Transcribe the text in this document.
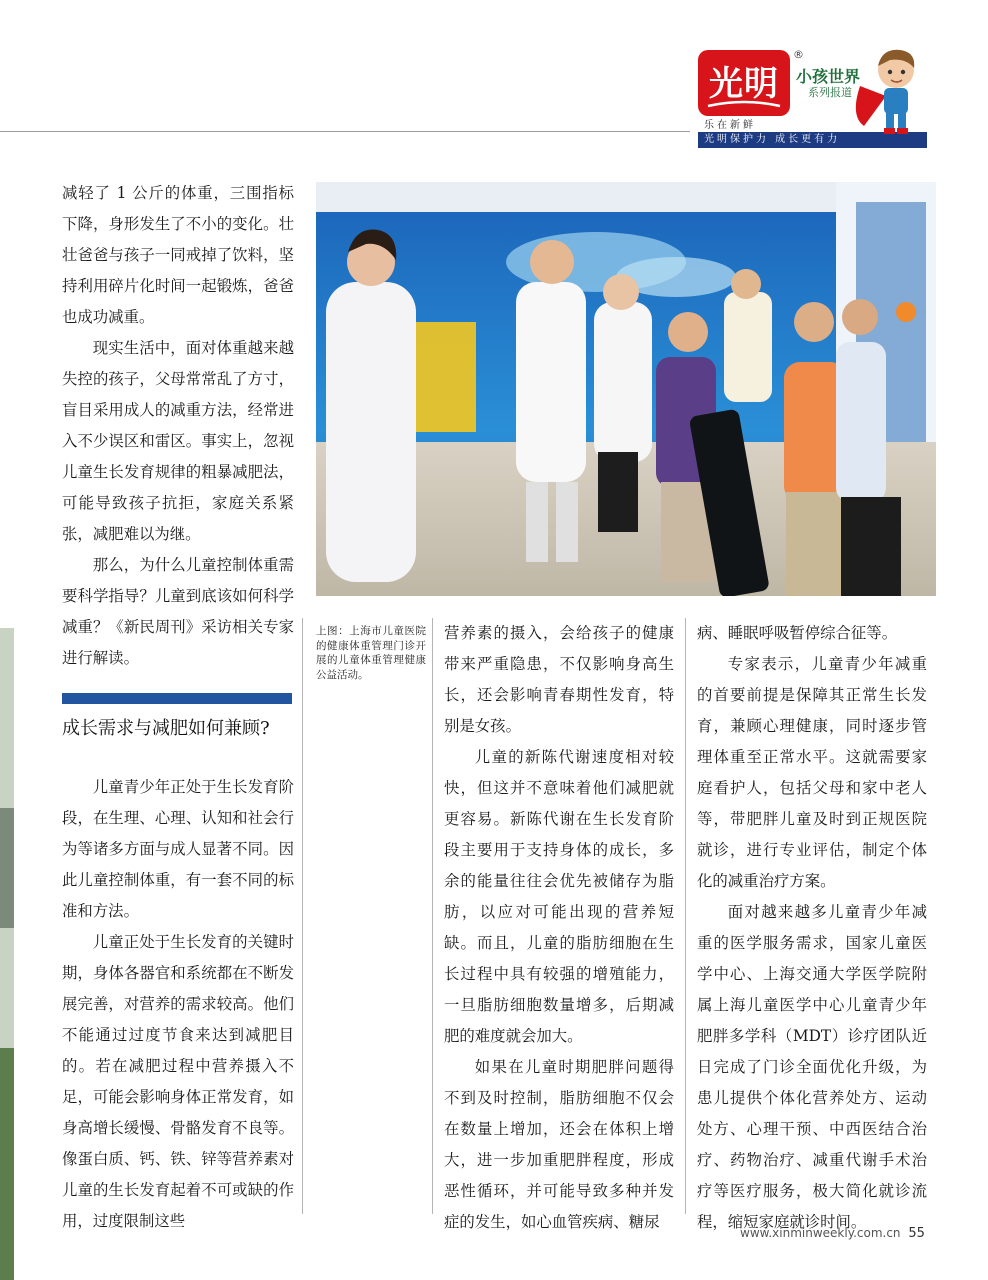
光明
®
小孩世界
系列报道
乐在新鲜
光明保护力 成长更有力

减轻了 1 公斤的体重，三围指标下降，身形发生了不小的变化。壮壮爸爸与孩子一同戒掉了饮料，坚持利用碎片化时间一起锻炼，爸爸也成功减重。

现实生活中，面对体重越来越失控的孩子，父母常常乱了方寸，盲目采用成人的减重方法，经常进入不少误区和雷区。事实上，忽视儿童生长发育规律的粗暴减肥法，可能导致孩子抗拒，家庭关系紧张，减肥难以为继。

那么，为什么儿童控制体重需要科学指导？儿童到底该如何科学减重？《新民周刊》采访相关专家进行解读。

成长需求与减肥如何兼顾?

儿童青少年正处于生长发育阶段，在生理、心理、认知和社会行为等诸多方面与成人显著不同。因此儿童控制体重，有一套不同的标准和方法。

儿童正处于生长发育的关键时期，身体各器官和系统都在不断发展完善，对营养的需求较高。他们不能通过过度节食来达到减肥目的。若在减肥过程中营养摄入不足，可能会影响身体正常发育，如身高增长缓慢、骨骼发育不良等。像蛋白质、钙、铁、锌等营养素对儿童的生长发育起着不可或缺的作用，过度限制这些

上图：上海市儿童医院的健康体重管理门诊开展的儿童体重管理健康公益活动。

营养素的摄入，会给孩子的健康带来严重隐患，不仅影响身高生长，还会影响青春期性发育，特别是女孩。

儿童的新陈代谢速度相对较快，但这并不意味着他们减肥就更容易。新陈代谢在生长发育阶段主要用于支持身体的成长，多余的能量往往会优先被储存为脂肪，以应对可能出现的营养短缺。而且，儿童的脂肪细胞在生长过程中具有较强的增殖能力，一旦脂肪细胞数量增多，后期减肥的难度就会加大。

如果在儿童时期肥胖问题得不到及时控制，脂肪细胞不仅会在数量上增加，还会在体积上增大，进一步加重肥胖程度，形成恶性循环，并可能导致多种并发症的发生，如心血管疾病、糖尿

病、睡眠呼吸暂停综合征等。

专家表示，儿童青少年减重的首要前提是保障其正常生长发育，兼顾心理健康，同时逐步管理体重至正常水平。这就需要家庭看护人，包括父母和家中老人等，带肥胖儿童及时到正规医院就诊，进行专业评估，制定个体化的减重治疗方案。

面对越来越多儿童青少年减重的医学服务需求，国家儿童医学中心、上海交通大学医学院附属上海儿童医学中心儿童青少年肥胖多学科（MDT）诊疗团队近日完成了门诊全面优化升级，为患儿提供个体化营养处方、运动处方、心理干预、中西医结合治疗、药物治疗、减重代谢手术治疗等医疗服务，极大简化就诊流程，缩短家庭就诊时间。

www.xinminweekly.com.cn 55
